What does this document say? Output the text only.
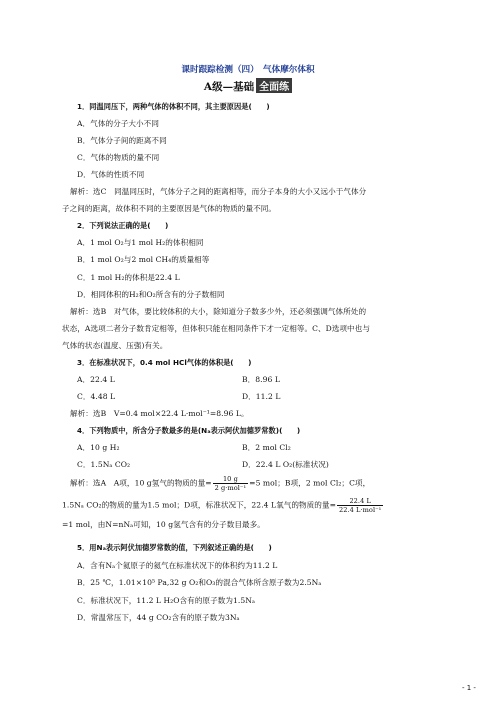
课时跟踪检测（四）　气体摩尔体积
A级—基础 全面练
1．同温同压下，两种气体的体积不同，其主要原因是(　　)
A．气体的分子大小不同
B．气体分子间的距离不同
C．气体的物质的量不同
D．气体的性质不同
解析：选C　同温同压时，气体分子之间的距离相等，而分子本身的大小又远小于气体分
子之间的距离，故体积不同的主要原因是气体的物质的量不同。
2．下列说法正确的是(　　)
A．1 mol O₂与1 mol H₂的体积相同
B．1 mol O₂与2 mol CH₄的质量相等
C．1 mol H₂的体积是22.4 L
D．相同体积的H₂和O₂所含有的分子数相同
解析：选B　对气体，要比较体积的大小，除知道分子数多少外，还必须强调气体所处的
状态，A选项二者分子数肯定相等，但体积只能在相同条件下才一定相等。C、D选项中也与
气体的状态(温度、压强)有关。
3．在标准状况下，0.4 mol HCl气体的体积是(　　)
A．22.4 L	B．8.96 L
C．4.48 L	D．11.2 L
解析：选B　V=0.4 mol×22.4 L·mol⁻¹=8.96 L。
4．下列物质中，所含分子数最多的是(Nₐ表示阿伏加德罗常数)(　　)
A．10 g H₂	B．2 mol Cl₂
C．1.5Nₐ CO₂	D．22.4 L O₂(标准状况)
解析：选A　A项，10 g氢气的物质的量= $\frac{10 g}{\text{2 g·mol⁻¹}} =5$ mol；B项，2 mol Cl₂；C项，
1.5Nₐ CO₂的物质的量为1.5 mol；D项，标准状况下，22.4 L氧气的物质的量= $\frac{22.4 L}{\text{22.4 L·mol⁻¹}}$
=1 mol，由N=nNₐ可知，10 g氢气含有的分子数目最多。
5．用Nₐ表示阿伏加德罗常数的值，下列叙述正确的是(　　)
A．含有Nₐ个氦原子的氦气在标准状况下的体积约为11.2 L
B．25 ℃，1.01×10⁵ Pa,32 g O₂和O₃的混合气体所含原子数为2.5Nₐ
C．标准状况下，11.2 L H₂O含有的原子数为1.5Nₐ
D．常温常压下，44 g CO₂含有的原子数为3Nₐ
- 1 -
